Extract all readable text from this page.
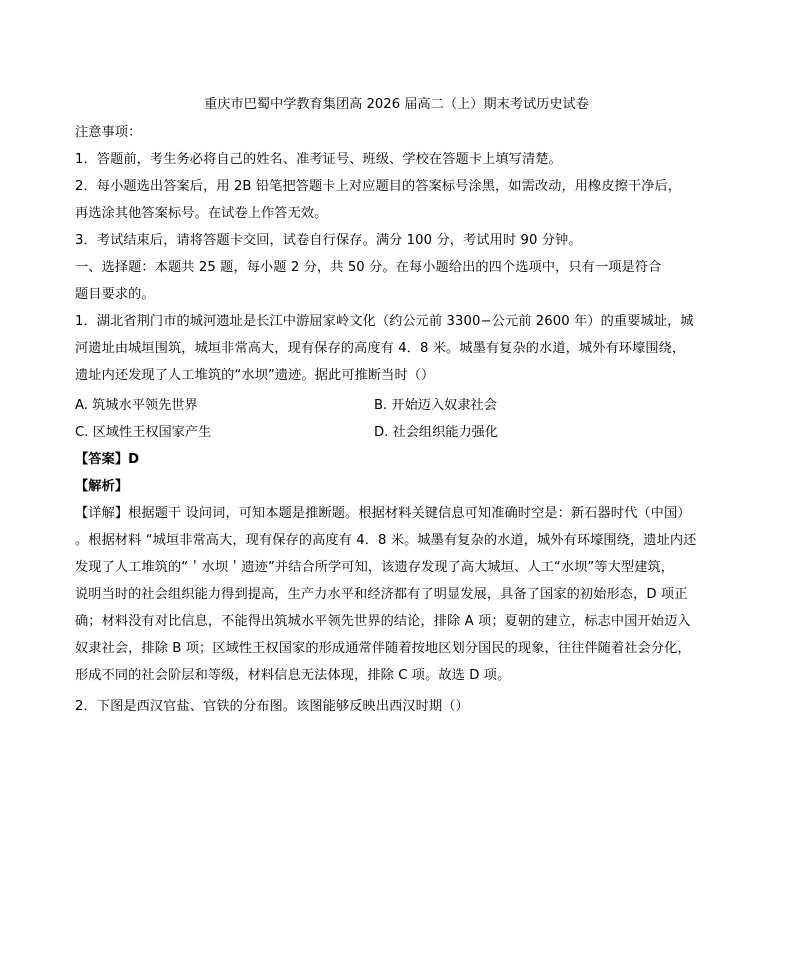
重庆市巴蜀中学教育集团高 2026 届高二（上）期末考试历史试卷
注意事项：
1．答题前，考生务必将自己的姓名、准考证号、班级、学校在答题卡上填写清楚。
2．每小题选出答案后，用 2B 铅笔把答题卡上对应题目的答案标号涂黑，如需改动，用橡皮擦干净后，
再选涂其他答案标号。在试卷上作答无效。
3．考试结束后，请将答题卡交回，试卷自行保存。满分 100 分，考试用时 90 分钟。
一、选择题：本题共 25 题，每小题 2 分，共 50 分。在每小题给出的四个选项中，只有一项是符合
题目要求的。
1．湖北省荆门市的城河遗址是长江中游屈家岭文化（约公元前 3300−公元前 2600 年）的重要城址，城
河遗址由城垣围筑，城垣非常高大，现有保存的高度有 4．8 米。城墨有复杂的水道，城外有环壕围绕，
遗址内还发现了人工堆筑的“水坝”遗迹。据此可推断当时（）
A. 筑城水平领先世界	B. 开始迈入奴隶社会
C. 区域性王权国家产生	D. 社会组织能力强化
【答案】D
【解析】
【详解】根据题干 设问词，可知本题是推断题。根据材料关键信息可知准确时空是：新石器时代（中国）
。根据材料 “城垣非常高大，现有保存的高度有 4．8 米。城墨有复杂的水道，城外有环壕围绕，遗址内还
发现了人工堆筑的“＇水坝＇遗迹”并结合所学可知，该遗存发现了高大城垣、人工“水坝”等大型建筑，
说明当时的社会组织能力得到提高，生产力水平和经济都有了明显发展，具备了国家的初始形态，D 项正
确；材料没有对比信息，不能得出筑城水平领先世界的结论，排除 A 项；夏朝的建立，标志中国开始迈入
奴隶社会，排除 B 项；区域性王权国家的形成通常伴随着按地区划分国民的现象，往往伴随着社会分化，
形成不同的社会阶层和等级，材料信息无法体现，排除 C 项。故选 D 项。
2．下图是西汉官盐、官铁的分布图。该图能够反映出西汉时期（）
